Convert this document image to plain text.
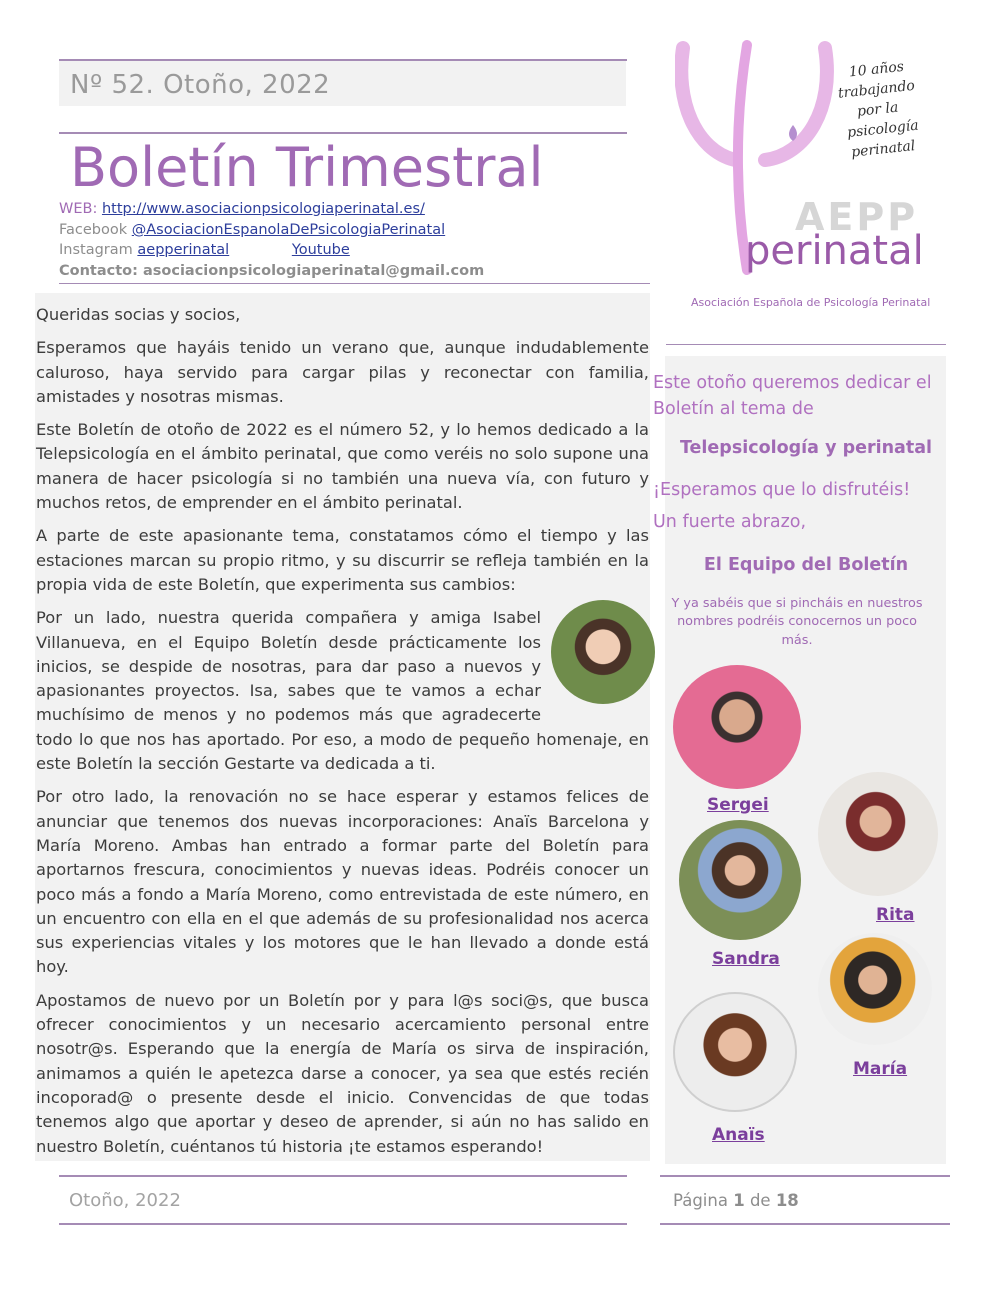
Nº 52. Otoño, 2022
Boletín Trimestral
WEB: http://www.asociacionpsicologiaperinatal.es/
Facebook @AsociacionEspanolaDePsicologiaPerinatal
Instagram aepperinatal	Youtube
Contacto: asociacionpsicologiaperinatal@gmail.com
10 años trabajando por la psicología perinatal
AEPP
perinatal
Asociación Española de Psicología Perinatal

Queridas socias y socios,

Esperamos que hayáis tenido un verano que, aunque indudablemente caluroso, haya servido para cargar pilas y reconectar con familia, amistades y nosotras mismas.

Este Boletín de otoño de 2022 es el número 52, y lo hemos dedicado a la Telepsicología en el ámbito perinatal, que como veréis no solo supone una manera de hacer psicología si no también una nueva vía, con futuro y muchos retos, de emprender en el ámbito perinatal.

A parte de este apasionante tema, constatamos cómo el tiempo y las estaciones marcan su propio ritmo, y su discurrir se refleja también en la propia vida de este Boletín, que experimenta sus cambios:

Por un lado, nuestra querida compañera y amiga Isabel Villanueva, en el Equipo Boletín desde prácticamente los inicios, se despide de nosotras, para dar paso a nuevos y apasionantes proyectos. Isa, sabes que te vamos a echar muchísimo de menos y no podemos más que agradecerte todo lo que nos has aportado. Por eso, a modo de pequeño homenaje, en este Boletín la sección Gestarte va dedicada a ti.

Por otro lado, la renovación no se hace esperar y estamos felices de anunciar que tenemos dos nuevas incorporaciones: Anaïs Barcelona y María Moreno. Ambas han entrado a formar parte del Boletín para aportarnos frescura, conocimientos y nuevas ideas. Podréis conocer un poco más a fondo a María Moreno, como entrevistada de este número, en un encuentro con ella en el que además de su profesionalidad nos acerca sus experiencias vitales y los motores que le han llevado a donde está hoy.

Apostamos de nuevo por un Boletín por y para l@s soci@s, que busca ofrecer conocimientos y un necesario acercamiento personal entre nosotr@s. Esperando que la energía de María os sirva de inspiración, animamos a quién le apetezca darse a conocer, ya sea que estés recién incoporad@ o presente desde el inicio. Convencidas de que todas tenemos algo que aportar y deseo de aprender, si aún no has salido en nuestro Boletín, cuéntanos tú historia ¡te estamos esperando!

Este otoño queremos dedicar el Boletín al tema de
Telepsicología y perinatal
¡Esperamos que lo disfrutéis!
Un fuerte abrazo,
El Equipo del Boletín
Y ya sabéis que si pinchái​s en nuestros nombres podréis conocernos un poco más.
Sergei
Rita
Sandra
María
Anaïs
Otoño, 2022	Página 1 de 18
